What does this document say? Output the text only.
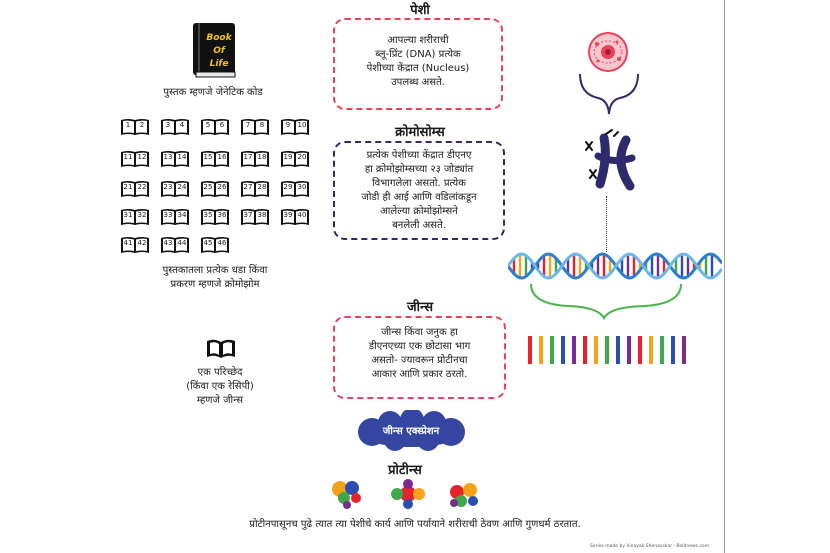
Book
Of Life
पुस्तक म्हणजे जेनेटिक कोड
1	2	3	4	5	6	7	8	9	10
11 12 13 14 15 16 17 18 19 20
21 22 23 24 25 26 27 28 29 30
31 32 33 34 35 36 37 38 39 40
41 42 43 44 45 46
पुस्तकातला प्रत्येक धडा किंवा
प्रकरण म्हणजे क्रोमोझोम
एक परिच्छेद
(किंवा एक रेसिपी)
म्हणजे जीन्स
पेशी
आपल्या शरीराची
ब्लू-प्रिंट (DNA) प्रत्येक
पेशीच्या केंद्रात (Nucleus)
उपलब्ध असते.
क्रोमोसोम्स
प्रत्येक पेशीच्या केंद्रात डीएनए
हा क्रोमोझोम्सच्या २३ जोड्यांत
विभागलेला असतो. प्रत्येक
जोडी ही आई आणि वडिलांकडून
आलेल्या क्रोमोझोम्सने
बनलेली असते.
जीन्स
जीन्स किंवा जनुक हा
डीएनएच्या एक छोटासा भाग
असतो- ज्यावरून प्रोटीनचा
आकार आणि प्रकार ठरतो.
जीन्स एक्स्प्रेशन
प्रोटीन्स
प्रोटीनपासूनच पुढे त्यात त्या पेशीचे कार्य आणि पर्यायाने शरीराची ठेवण आणि गुणधर्म ठरतात.
Series made by Vinayak Shenavskar - Boldnews.com
